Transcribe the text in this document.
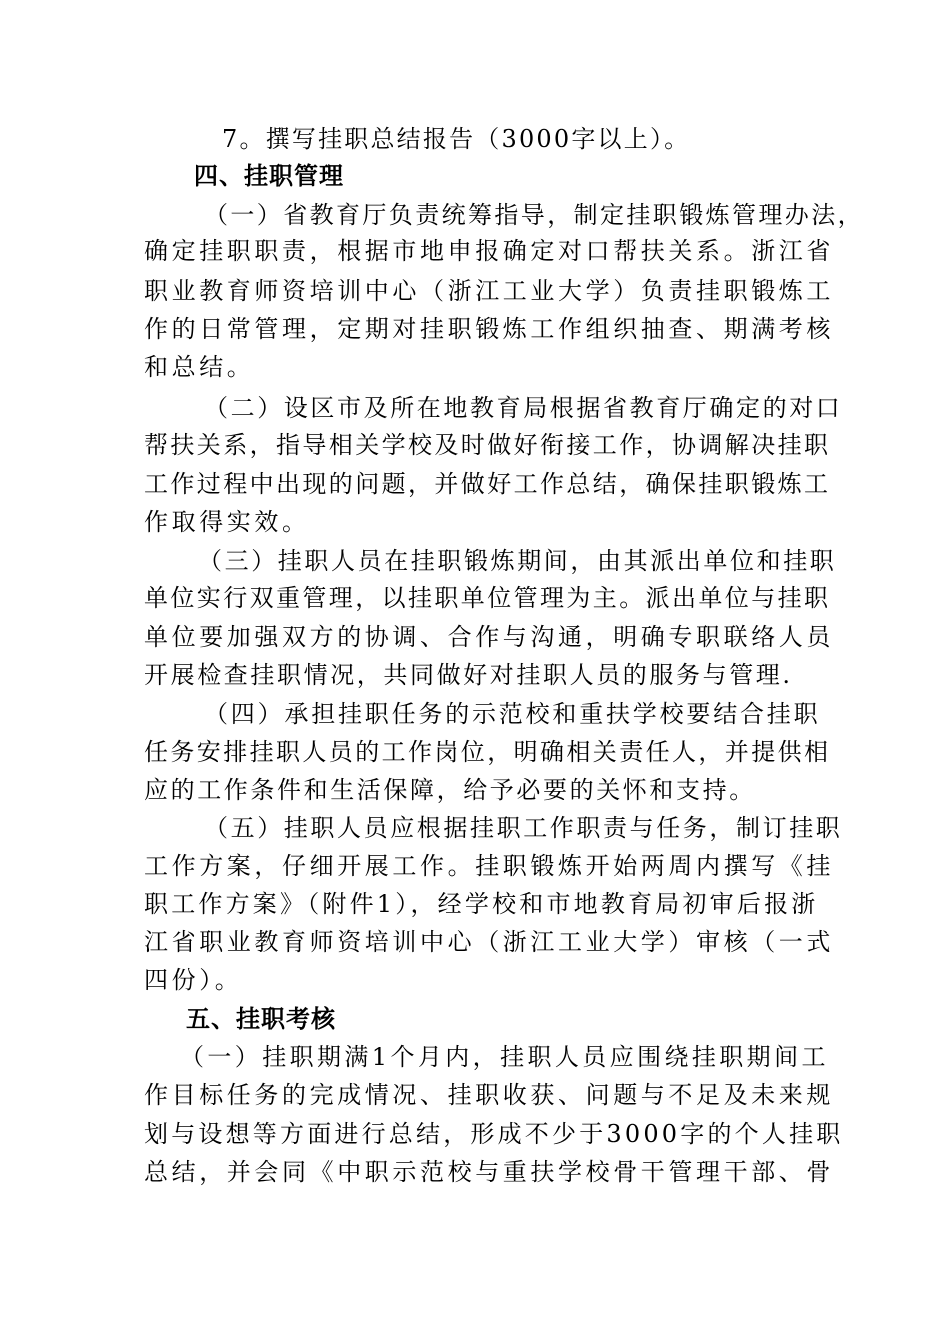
7。撰写挂职总结报告（3000字以上）。
四、挂职管理
（一）省教育厅负责统筹指导，制定挂职锻炼管理办法，
确定挂职职责，根据市地申报确定对口帮扶关系。浙江省
职业教育师资培训中心（浙江工业大学）负责挂职锻炼工
作的日常管理，定期对挂职锻炼工作组织抽查、期满考核
和总结。
（二）设区市及所在地教育局根据省教育厅确定的对口
帮扶关系，指导相关学校及时做好衔接工作，协调解决挂职
工作过程中出现的问题，并做好工作总结，确保挂职锻炼工
作取得实效。
（三）挂职人员在挂职锻炼期间，由其派出单位和挂职
单位实行双重管理，以挂职单位管理为主。派出单位与挂职
单位要加强双方的协调、合作与沟通，明确专职联络人员
开展检查挂职情况，共同做好对挂职人员的服务与管理.
（四）承担挂职任务的示范校和重扶学校要结合挂职
任务安排挂职人员的工作岗位，明确相关责任人，并提供相
应的工作条件和生活保障，给予必要的关怀和支持。
（五）挂职人员应根据挂职工作职责与任务，制订挂职
工作方案，仔细开展工作。挂职锻炼开始两周内撰写《挂
职工作方案》（附件1），经学校和市地教育局初审后报浙
江省职业教育师资培训中心（浙江工业大学）审核（一式
四份）。
五、挂职考核
（一）挂职期满1个月内，挂职人员应围绕挂职期间工
作目标任务的完成情况、挂职收获、问题与不足及未来规
划与设想等方面进行总结，形成不少于3000字的个人挂职
总结，并会同《中职示范校与重扶学校骨干管理干部、骨
